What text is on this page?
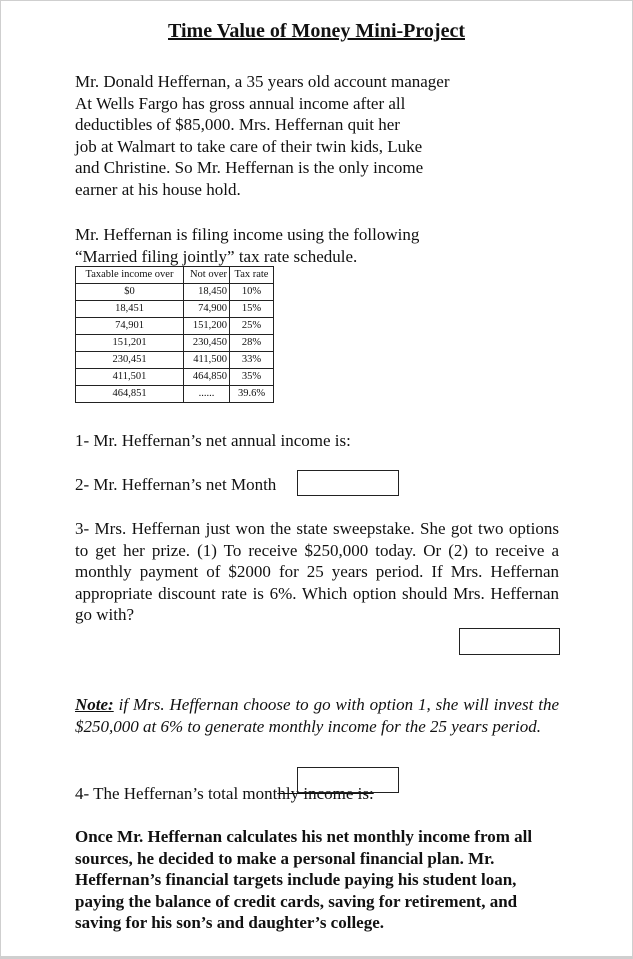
Time Value of Money Mini-Project
Mr. Donald Heffernan, a 35 years old account manager
At Wells Fargo has gross annual income after all
deductibles of $85,000. Mrs. Heffernan quit her
job at Walmart to take care of their twin kids, Luke
and Christine. So Mr. Heffernan is the only income
earner at his house hold.
Mr. Heffernan is filing income using the following
“Married filing jointly” tax rate schedule.
Taxable income over	Not over	Tax rate
$0	18,450	10%
18,451	74,900	15%
74,901	151,200	25%
151,201	230,450	28%
230,451	411,500	33%
411,501	464,850	35%
464,851	......	39.6%
1- Mr. Heffernan’s net annual income is:
2- Mr. Heffernan’s net Month
3- Mrs. Heffernan just won the state sweepstake. She got two options to get her prize. (1) To receive $250,000 today. Or (2) to receive a monthly payment of $2000 for 25 years period. If Mrs. Heffernan appropriate discount rate is 6%. Which option should Mrs. Heffernan go with?
Note: if Mrs. Heffernan choose to go with option 1, she will invest the $250,000 at 6% to generate monthly income for the 25 years period.
4- The Heffernan’s total monthly income is:
Once Mr. Heffernan calculates his net monthly income from all sources, he decided to make a personal financial plan. Mr. Heffernan’s financial targets include paying his student loan, paying the balance of credit cards, saving for retirement, and saving for his son’s and daughter’s college.
